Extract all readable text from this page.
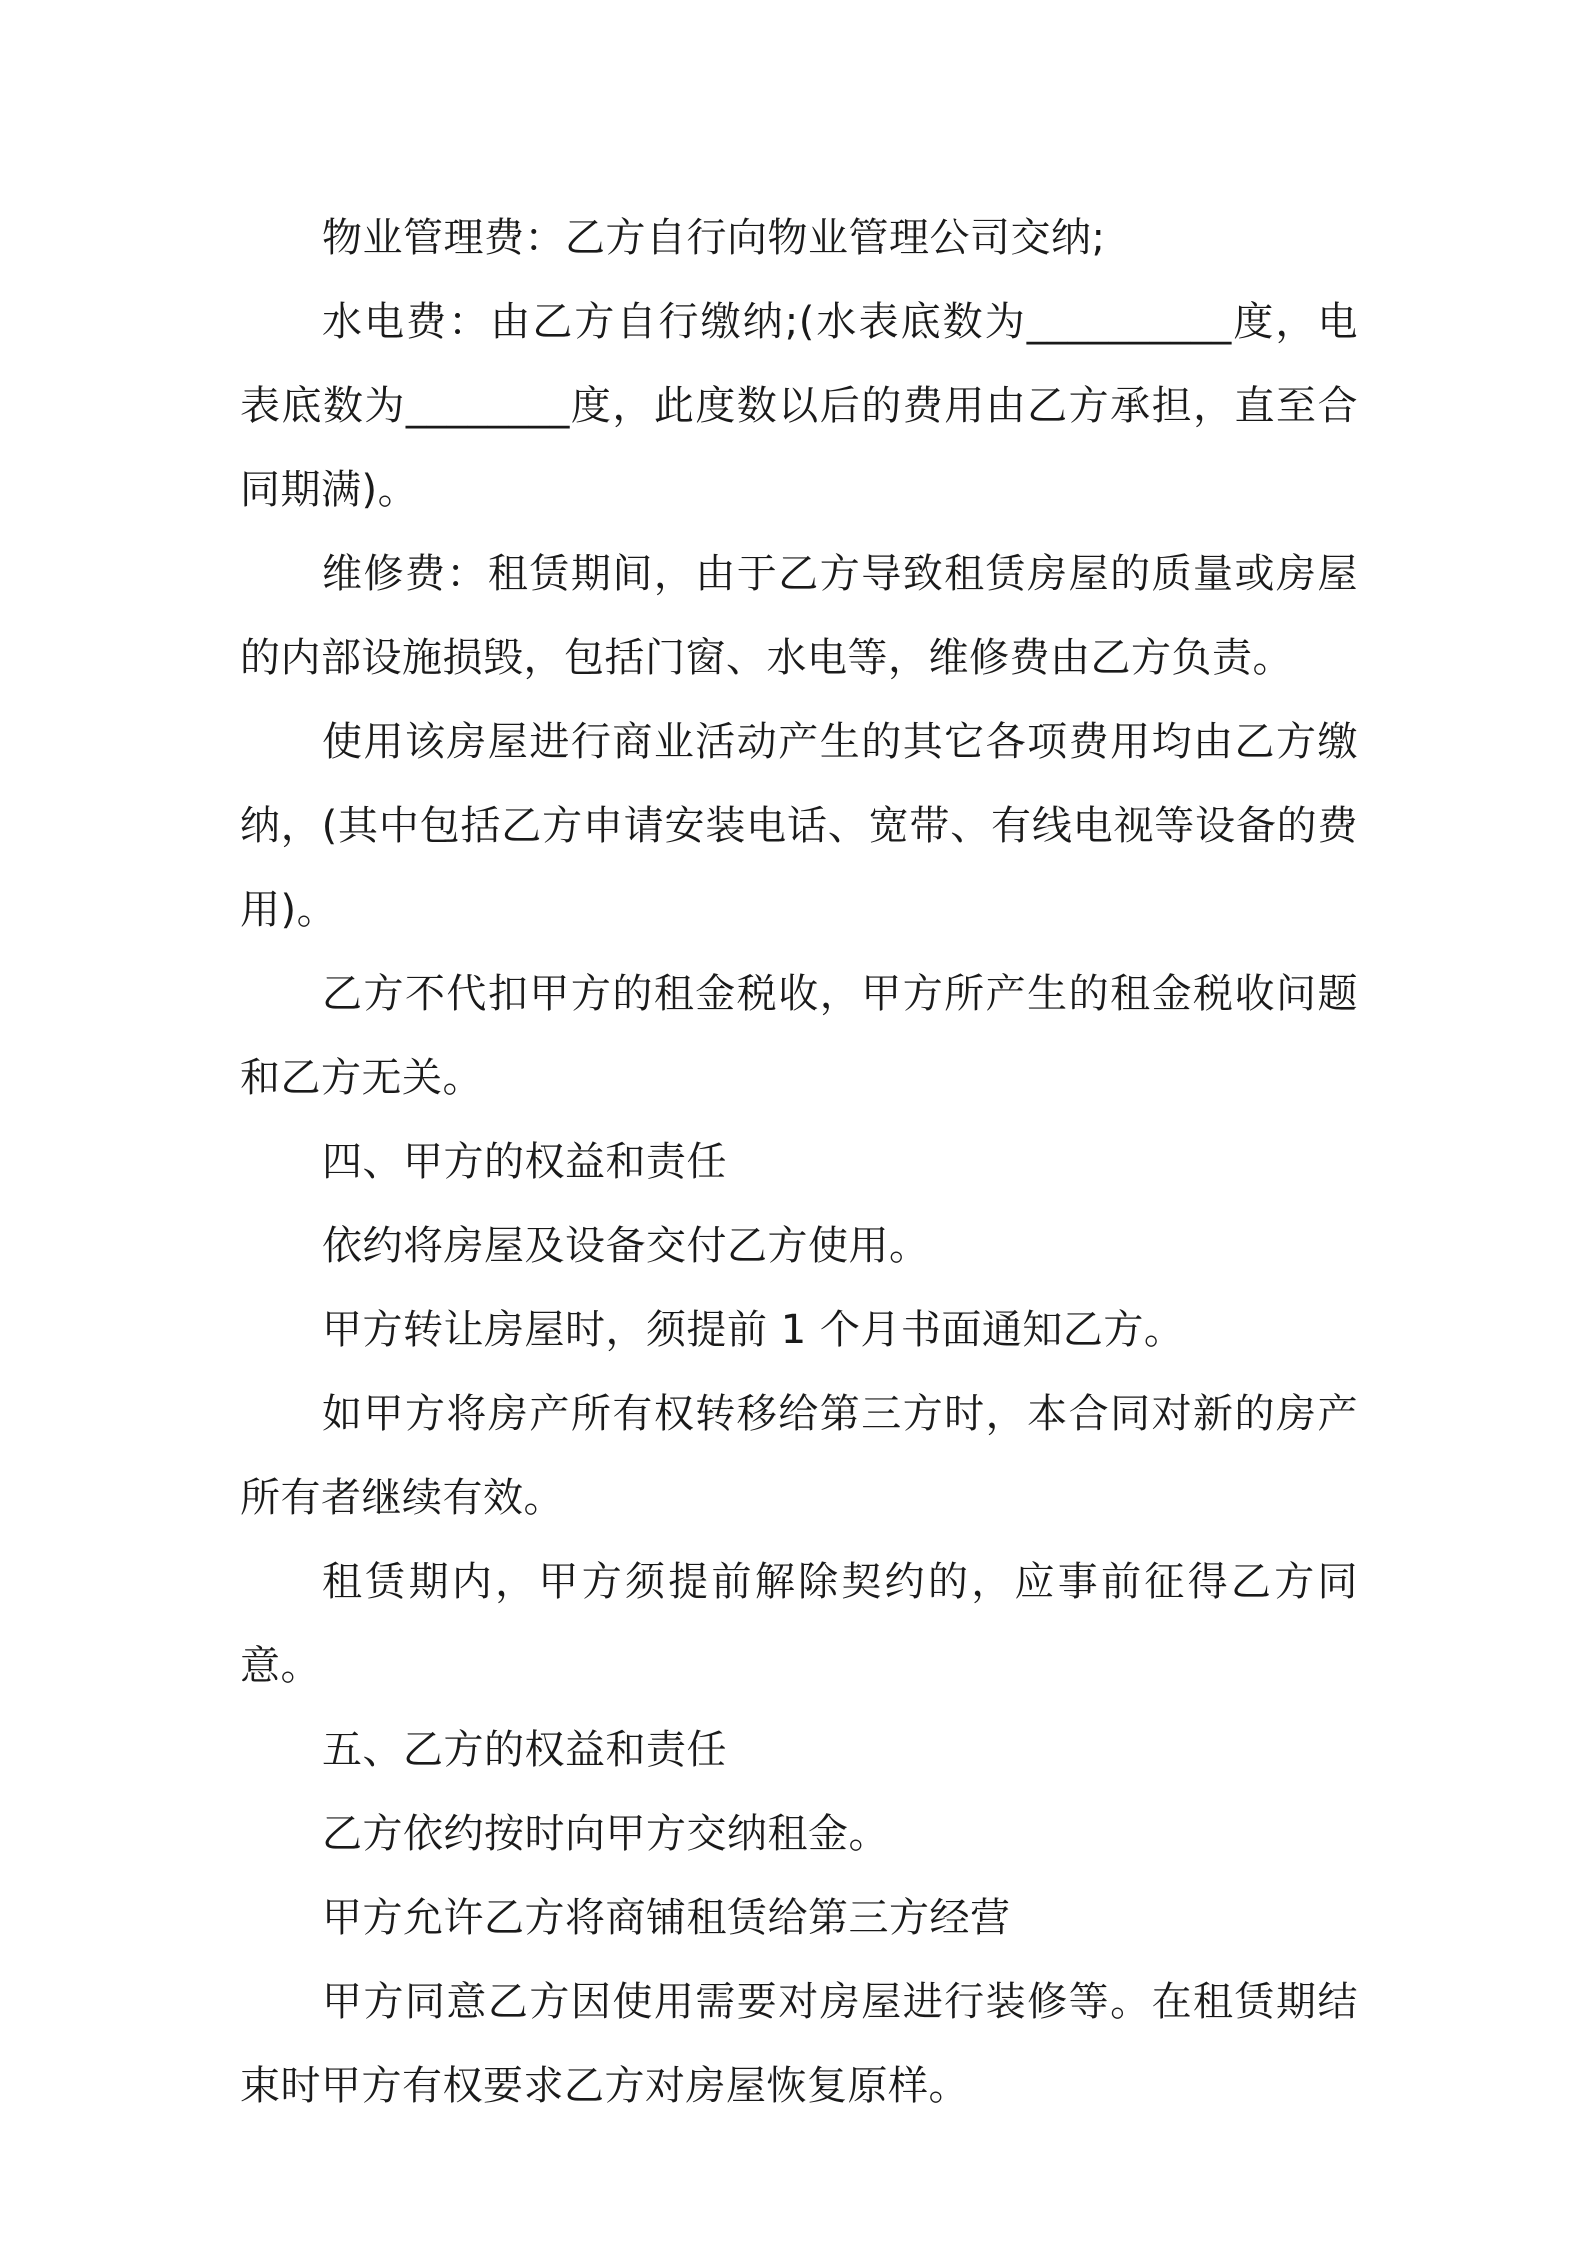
物业管理费：乙方自行向物业管理公司交纳;

水电费：由乙方自行缴纳;(水表底数为__________度，电表底数为________度，此度数以后的费用由乙方承担，直至合同期满)。

维修费：租赁期间，由于乙方导致租赁房屋的质量或房屋的内部设施损毁，包括门窗、水电等，维修费由乙方负责。

使用该房屋进行商业活动产生的其它各项费用均由乙方缴纳，(其中包括乙方申请安装电话、宽带、有线电视等设备的费用)。

乙方不代扣甲方的租金税收，甲方所产生的租金税收问题和乙方无关。

四、甲方的权益和责任

依约将房屋及设备交付乙方使用。

甲方转让房屋时，须提前 1 个月书面通知乙方。

如甲方将房产所有权转移给第三方时，本合同对新的房产所有者继续有效。

租赁期内，甲方须提前解除契约的，应事前征得乙方同意。

五、乙方的权益和责任

乙方依约按时向甲方交纳租金。

甲方允许乙方将商铺租赁给第三方经营

甲方同意乙方因使用需要对房屋进行装修等。在租赁期结束时甲方有权要求乙方对房屋恢复原样。
